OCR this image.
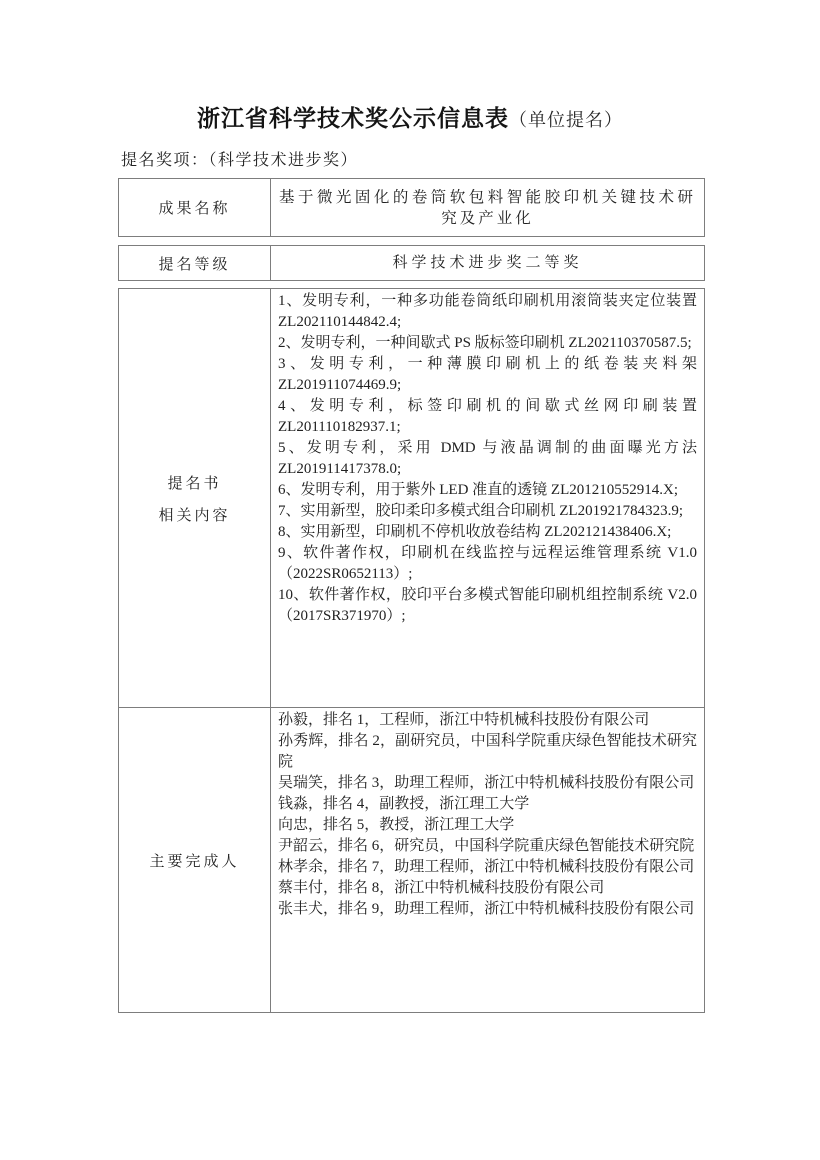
浙江省科学技术奖公示信息表（单位提名）
提名奖项：（科学技术进步奖）
成果名称
基于微光固化的卷筒软包料智能胶印机关键技术研究及产业化
提名等级	科学技术进步奖二等奖
提名书
相关内容

1、发明专利，一种多功能卷筒纸印刷机用滚筒装夹定位装置 ZL202110144842.4;

2、发明专利，一种间歇式 PS 版标签印刷机 ZL202110370587.5;

3、发明专利，一种薄膜印刷机上的纸卷装夹料架 ZL201911074469.9;

4、发明专利，标签印刷机的间歇式丝网印刷装置 ZL201110182937.1;

5、发明专利，采用 DMD 与液晶调制的曲面曝光方法 ZL201911417378.0;

6、发明专利，用于紫外 LED 准直的透镜 ZL201210552914.X;

7、实用新型，胶印柔印多模式组合印刷机 ZL201921784323.9;

8、实用新型，印刷机不停机收放卷结构 ZL202121438406.X;

9、软件著作权，印刷机在线监控与远程运维管理系统 V1.0（2022SR0652113）;

10、软件著作权，胶印平台多模式智能印刷机组控制系统 V2.0（2017SR371970）;

主要完成人

孙毅，排名 1，工程师，浙江中特机械科技股份有限公司

孙秀辉，排名 2，副研究员，中国科学院重庆绿色智能技术研究院

吴瑞笑，排名 3，助理工程师，浙江中特机械科技股份有限公司

钱淼，排名 4，副教授，浙江理工大学

向忠，排名 5，教授，浙江理工大学

尹韶云，排名 6，研究员，中国科学院重庆绿色智能技术研究院

林孝余，排名 7，助理工程师，浙江中特机械科技股份有限公司

蔡丰付，排名 8，浙江中特机械科技股份有限公司

张丰犬，排名 9，助理工程师，浙江中特机械科技股份有限公司
